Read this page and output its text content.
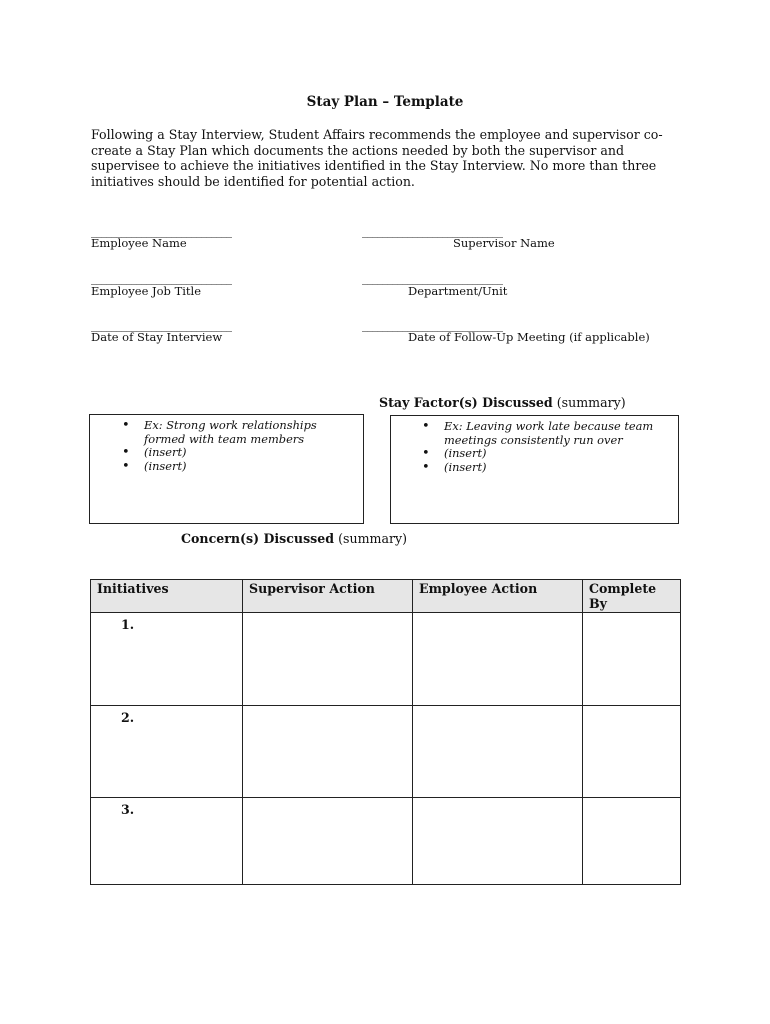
Stay Plan – Template
Following a Stay Interview, Student Affairs recommends the employee and supervisor co-create a Stay Plan which documents the actions needed by both the supervisor and supervisee to achieve the initiatives identified in the Stay Interview. No more than three initiatives should be identified for potential action.
____________________________
Employee Name
____________________________
Supervisor Name
____________________________
Employee Job Title
____________________________
Department/Unit
____________________________
Date of Stay Interview
____________________________
Date of Follow-Up Meeting (if applicable)
Stay Factor(s) Discussed (summary)
• Ex: Strong work relationships formed with team members
• (insert)
• (insert)
• Ex: Leaving work late because team meetings consistently run over
• (insert)
• (insert)
Concern(s) Discussed (summary)
Initiatives	Supervisor Action	Employee Action	Complete By

1.			

2.			

3.			
